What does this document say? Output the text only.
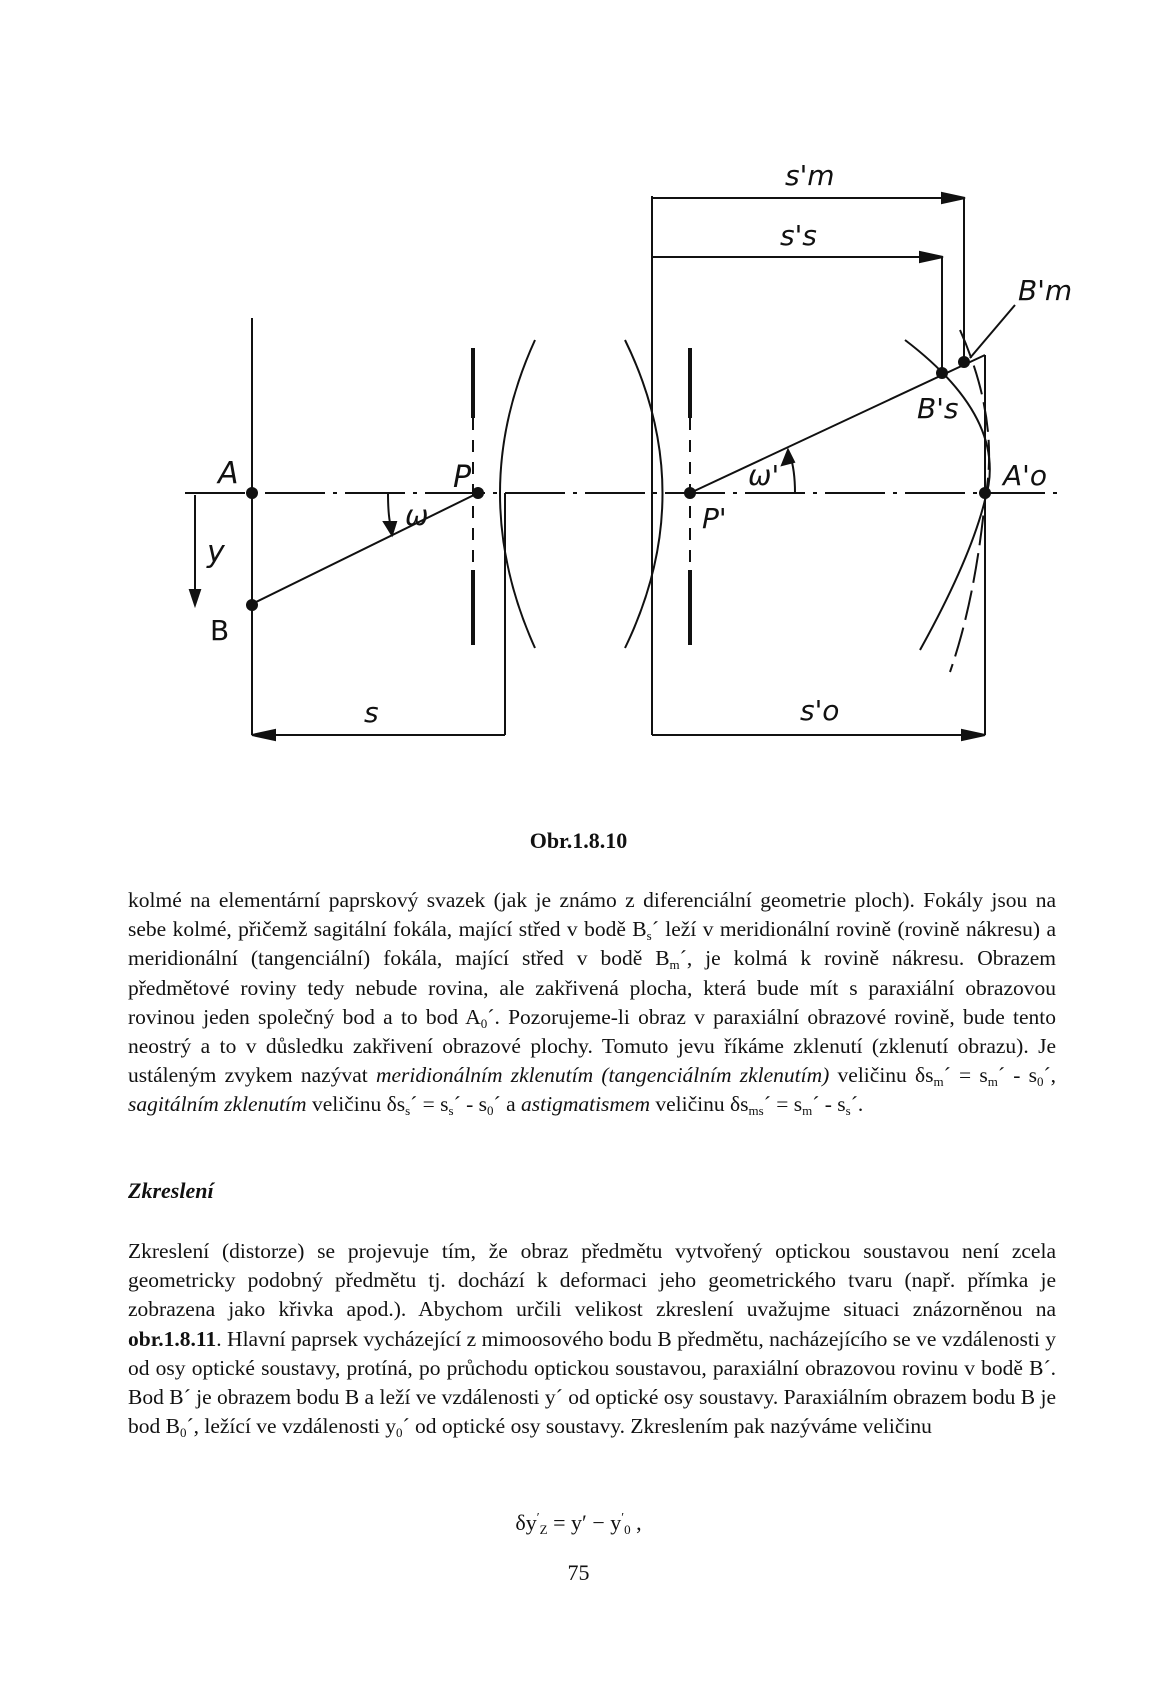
A
y
B
P
ω
s
P'
ω'
s'm
s's
s'o
B'm
B's
A'o
Obr.1.8.10

kolmé na elementární paprskový svazek (jak je známo z diferenciální geometrie ploch). Fokály jsou na sebe kolmé, přičemž sagitální fokála, mající střed v bodě $B_s´$ leží v meridionální rovině (rovině nákresu) a meridionální (tangenciální) fokála, mající střed v bodě $B_m´$, je kolmá k rovině nákresu. Obrazem předmětové roviny tedy nebude rovina, ale zakřivená plocha, která bude mít s paraxiální obrazovou rovinou jeden společný bod a to bod $A_0´$. Pozorujeme-li obraz v paraxiální obrazové rovině, bude tento neostrý a to v důsledku zakřivení obrazové plochy. Tomuto jevu říkáme zklenutí (zklenutí obrazu). Je ustáleným zvykem nazývat meridionálním zklenutím (tangenciálním zklenutím) veličinu $\delta s_m´$ = $s_m´$ - $s_0´$, sagitálním zklenutím veličinu $\delta s_s´$ = $s_s´$ - $s_0´$ a astigmatismem veličinu $\delta s_{ms}´$ = $s_m´$ - $s_s´$.

Zkreslení

Zkreslení (distorze) se projevuje tím, že obraz předmětu vytvořený optickou soustavou není zcela geometricky podobný předmětu tj. dochází k deformaci jeho geometrického tvaru (např. přímka je zobrazena jako křivka apod.). Abychom určili velikost zkreslení uvažujme situaci znázorněnou na obr.1.8.11. Hlavní paprsek vycházející z mimoosového bodu B předmětu, nacházejícího se ve vzdálenosti y od osy optické soustavy, protíná, po průchodu optickou soustavou, paraxiální obrazovou rovinu v bodě B´. Bod B´ je obrazem bodu B a leží ve vzdálenosti y´ od optické osy soustavy. Paraxiálním obrazem bodu B je bod $B_0´$, ležící ve vzdálenosti $y_0´$ od optické osy soustavy. Zkreslením pak nazýváme veličinu

$\delta y'_Z = y' - y'_0$ ,
75
